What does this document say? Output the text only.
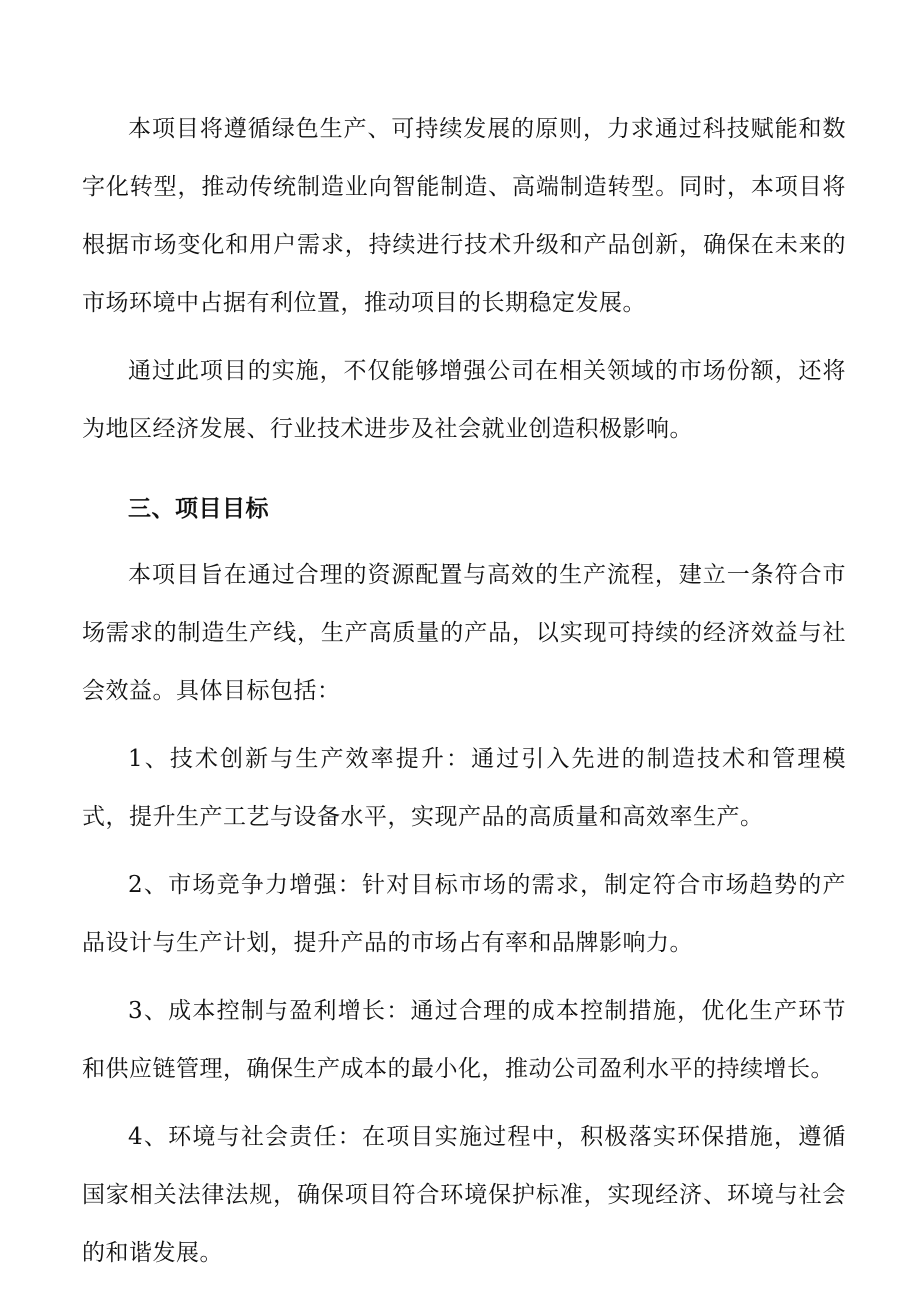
本项目将遵循绿色生产、可持续发展的原则，力求通过科技赋能和数字化转型，推动传统制造业向智能制造、高端制造转型。同时，本项目将根据市场变化和用户需求，持续进行技术升级和产品创新，确保在未来的市场环境中占据有利位置，推动项目的长期稳定发展。

通过此项目的实施，不仅能够增强公司在相关领域的市场份额，还将为地区经济发展、行业技术进步及社会就业创造积极影响。

三、项目目标

本项目旨在通过合理的资源配置与高效的生产流程，建立一条符合市场需求的制造生产线，生产高质量的产品，以实现可持续的经济效益与社会效益。具体目标包括：

1、技术创新与生产效率提升：通过引入先进的制造技术和管理模式，提升生产工艺与设备水平，实现产品的高质量和高效率生产。

2、市场竞争力增强：针对目标市场的需求，制定符合市场趋势的产品设计与生产计划，提升产品的市场占有率和品牌影响力。

3、成本控制与盈利增长：通过合理的成本控制措施，优化生产环节和供应链管理，确保生产成本的最小化，推动公司盈利水平的持续增长。

4、环境与社会责任：在项目实施过程中，积极落实环保措施，遵循国家相关法律法规，确保项目符合环境保护标准，实现经济、环境与社会的和谐发展。
